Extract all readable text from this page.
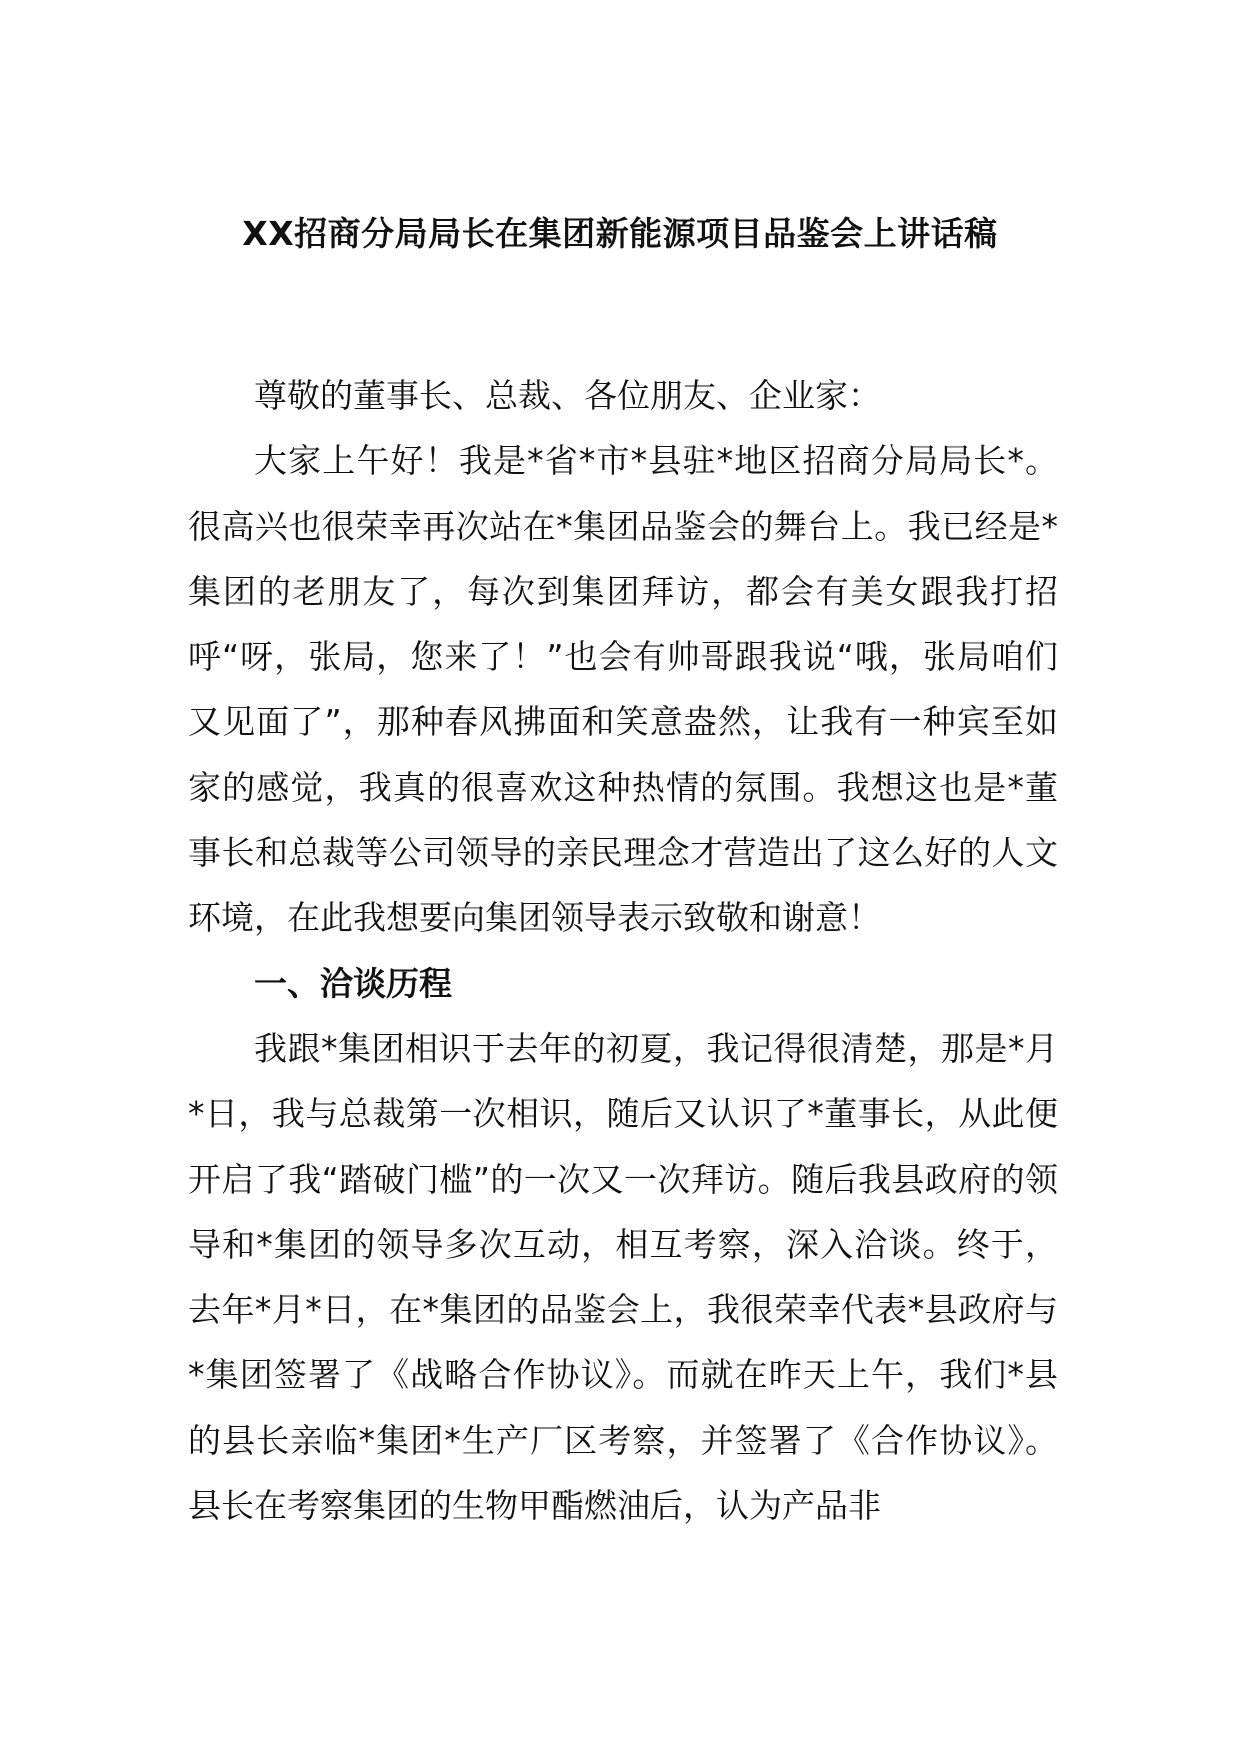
XX招商分局局长在集团新能源项目品鉴会上讲话稿

尊敬的董事长、总裁、各位朋友、企业家：

大家上午好！我是*省*市*县驻*地区招商分局局长*。很高兴也很荣幸再次站在*集团品鉴会的舞台上。我已经是*集团的老朋友了，每次到集团拜访，都会有美女跟我打招呼“呀，张局，您来了！”也会有帅哥跟我说“哦，张局咱们又见面了”，那种春风拂面和笑意盎然，让我有一种宾至如家的感觉，我真的很喜欢这种热情的氛围。我想这也是*董事长和总裁等公司领导的亲民理念才营造出了这么好的人文环境，在此我想要向集团领导表示致敬和谢意！

一、洽谈历程

我跟*集团相识于去年的初夏，我记得很清楚，那是*月*日，我与总裁第一次相识，随后又认识了*董事长，从此便开启了我“踏破门槛”的一次又一次拜访。随后我县政府的领导和*集团的领导多次互动，相互考察，深入洽谈。终于，去年*月*日，在*集团的品鉴会上，我很荣幸代表*县政府与*集团签署了《战略合作协议》。而就在昨天上午，我们*县的县长亲临*集团*生产厂区考察，并签署了《合作协议》。县长在考察集团的生物甲酯燃油后，认为产品非
